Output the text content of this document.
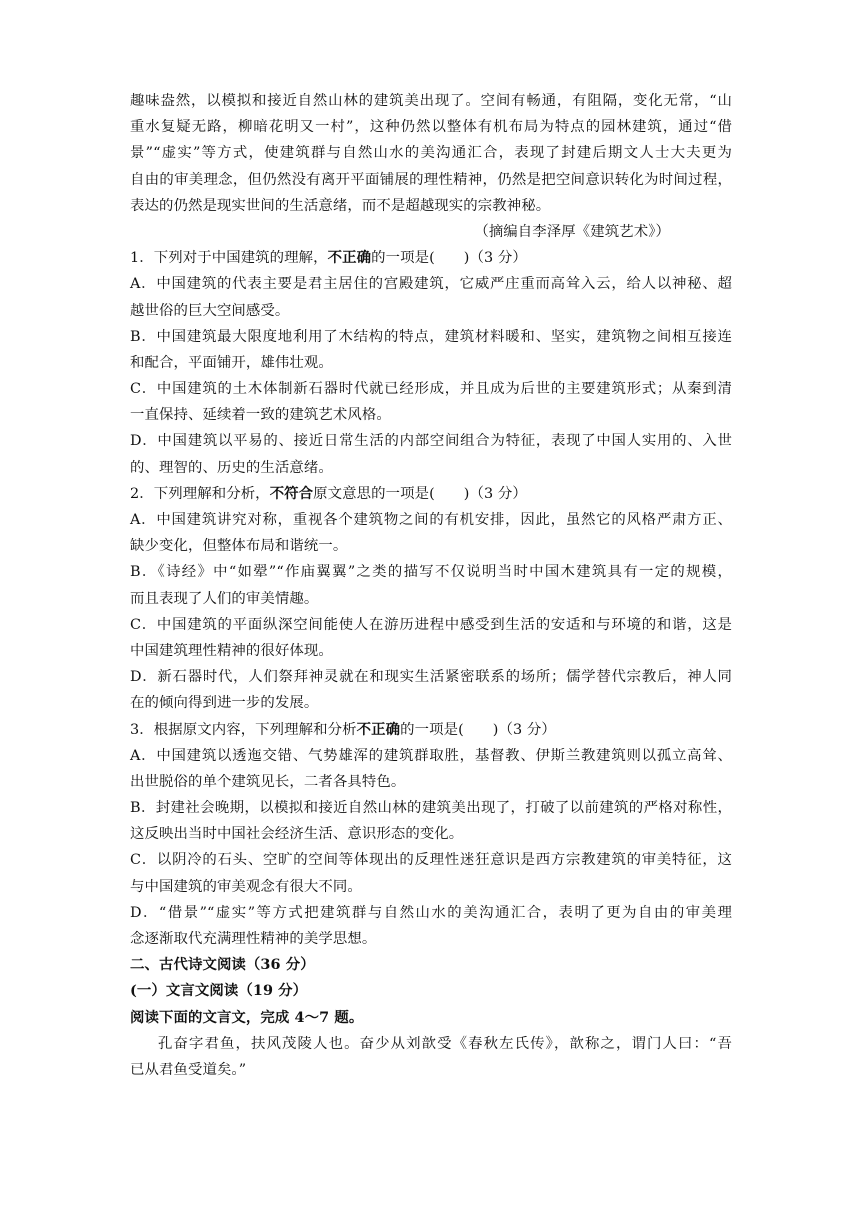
趣味盎然，以模拟和接近自然山林的建筑美出现了。空间有畅通，有阻隔，变化无常，“山
重水复疑无路，柳暗花明又一村”，这种仍然以整体有机布局为特点的园林建筑，通过“借
景”“虚实”等方式，使建筑群与自然山水的美沟通汇合，表现了封建后期文人士大夫更为
自由的审美理念，但仍然没有离开平面铺展的理性精神，仍然是把空间意识转化为时间过程，
表达的仍然是现实世间的生活意绪，而不是超越现实的宗教神秘。
（摘编自李泽厚《建筑艺术》）
1．下列对于中国建筑的理解，不正确的一项是(　　)（3 分）
A．中国建筑的代表主要是君主居住的宫殿建筑，它威严庄重而高耸入云，给人以神秘、超
越世俗的巨大空间感受。
B．中国建筑最大限度地利用了木结构的特点，建筑材料暖和、坚实，建筑物之间相互接连
和配合，平面铺开，雄伟壮观。
C．中国建筑的土木体制新石器时代就已经形成，并且成为后世的主要建筑形式；从秦到清
一直保持、延续着一致的建筑艺术风格。
D．中国建筑以平易的、接近日常生活的内部空间组合为特征，表现了中国人实用的、入世
的、理智的、历史的生活意绪。
2．下列理解和分析，不符合原文意思的一项是(　　)（3 分）
A．中国建筑讲究对称，重视各个建筑物之间的有机安排，因此，虽然它的风格严肃方正、
缺少变化，但整体布局和谐统一。
B．《诗经》中“如翚”“作庙翼翼”之类的描写不仅说明当时中国木建筑具有一定的规模，
而且表现了人们的审美情趣。
C．中国建筑的平面纵深空间能使人在游历进程中感受到生活的安适和与环境的和谐，这是
中国建筑理性精神的很好体现。
D．新石器时代，人们祭拜神灵就在和现实生活紧密联系的场所；儒学替代宗教后，神人同
在的倾向得到进一步的发展。
3．根据原文内容，下列理解和分析不正确的一项是(　　)（3 分）
A．中国建筑以透迤交错、气势雄浑的建筑群取胜，基督教、伊斯兰教建筑则以孤立高耸、
出世脱俗的单个建筑见长，二者各具特色。
B．封建社会晚期，以模拟和接近自然山林的建筑美出现了，打破了以前建筑的严格对称性，
这反映出当时中国社会经济生活、意识形态的变化。
C．以阴冷的石头、空旷的空间等体现出的反理性迷狂意识是西方宗教建筑的审美特征，这
与中国建筑的审美观念有很大不同。
D．“借景”“虚实”等方式把建筑群与自然山水的美沟通汇合，表明了更为自由的审美理
念逐渐取代充满理性精神的美学思想。
二、古代诗文阅读（36 分）
(一）文言文阅读（19 分）
阅读下面的文言文，完成 4～7 题。
孔奋字君鱼，扶风茂陵人也。奋少从刘歆受《春秋左氏传》，歆称之，谓门人曰：“吾
已从君鱼受道矣。”
